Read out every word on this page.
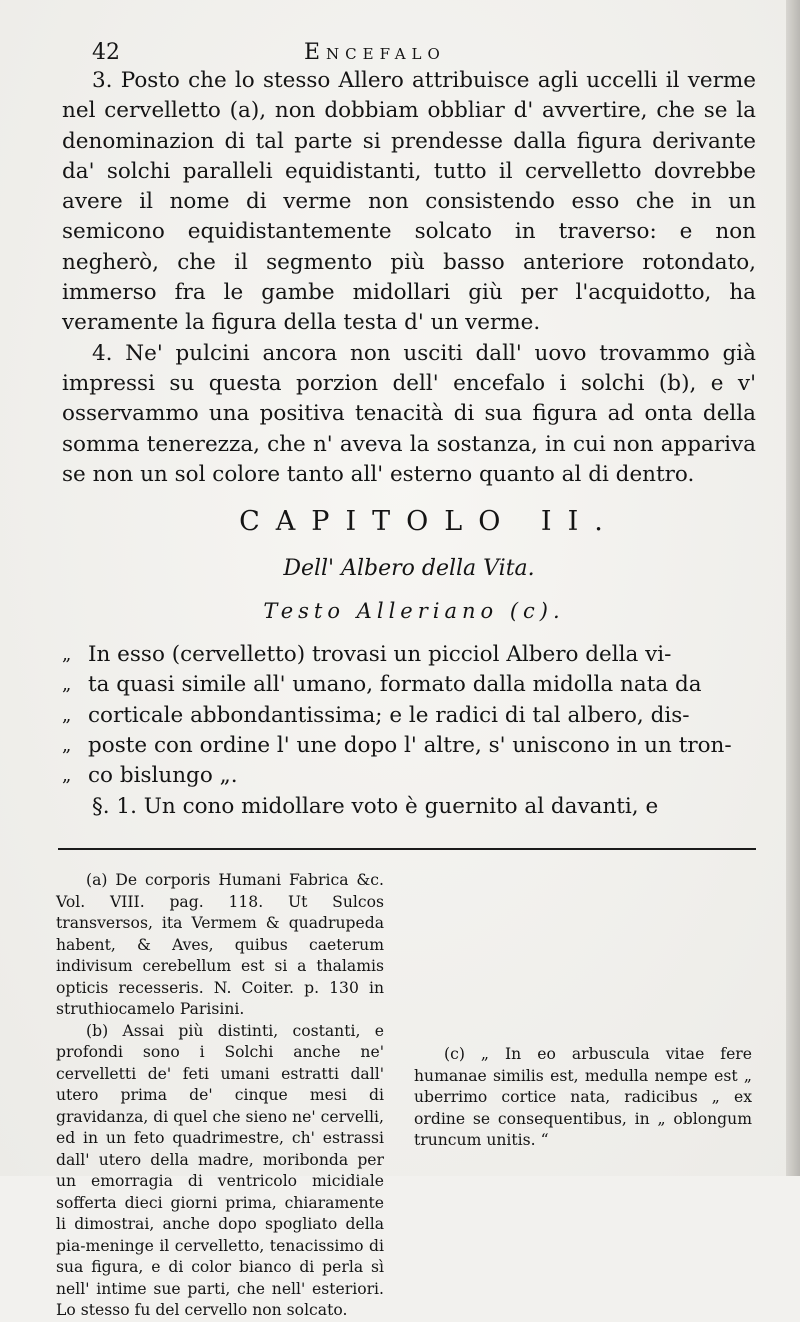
42	Encefalo

3. Posto che lo stesso Allero attribuisce agli uccelli il verme nel cervelletto (a), non dobbiam obbliar d' avvertire, che se la denominazion di tal parte si prendesse dalla figura derivante da' solchi paralleli equidistanti, tutto il cervelletto dovrebbe avere il nome di verme non consistendo esso che in un semicono equidistantemente solcato in traverso: e non negherò, che il segmento più basso anteriore rotondato, immerso fra le gambe midollari giù per l'acquidotto, ha veramente la figura della testa d' un verme.

4. Ne' pulcini ancora non usciti dall' uovo trovammo già impressi su questa porzion dell' encefalo i solchi (b), e v' osservammo una positiva tenacità di sua figura ad onta della somma tenerezza, che n' aveva la sostanza, in cui non appariva se non un sol colore tanto all' esterno quanto al di dentro.

CAPITOLO II.
Dell' Albero della Vita.
Testo Alleriano (c).
„ In esso (cervelletto) trovasi un picciol Albero della vi-
„ ta quasi simile all' umano, formato dalla midolla nata da
„ corticale abbondantissima; e le radici di tal albero, dis-
„ poste con ordine l' une dopo l' altre, s' uniscono in un tron-
„ co bislungo „.

§. 1. Un cono midollare voto è guernito al davanti, e

(a) De corporis Humani Fabrica &c. Vol. VIII. pag. 118. Ut Sulcos transversos, ita Vermem & quadrupeda habent, & Aves, quibus caeterum indivisum cerebellum est si a thalamis opticis recesseris. N. Coiter. p. 130 in struthiocamelo Parisini.

(b) Assai più distinti, costanti, e profondi sono i Solchi anche ne' cervelletti de' feti umani estratti dall' utero prima de' cinque mesi di gravidanza, di quel che sieno ne' cervelli, ed in un feto quadrimestre, ch' estrassi dall' utero della madre, moribonda per un emorragia di ventricolo micidiale sofferta dieci giorni prima, chiaramente li dimostrai, anche dopo spogliato della pia-meninge il cervelletto, tenacissimo di sua figura, e di color bianco di perla sì nell' intime sue parti, che nell' esteriori. Lo stesso fu del cervello non solcato.

(c) „ In eo arbuscula vitae fere humanae similis est, medulla nempe est „ uberrimo cortice nata, radicibus „ ex ordine se consequentibus, in „ oblongum truncum unitis. “
